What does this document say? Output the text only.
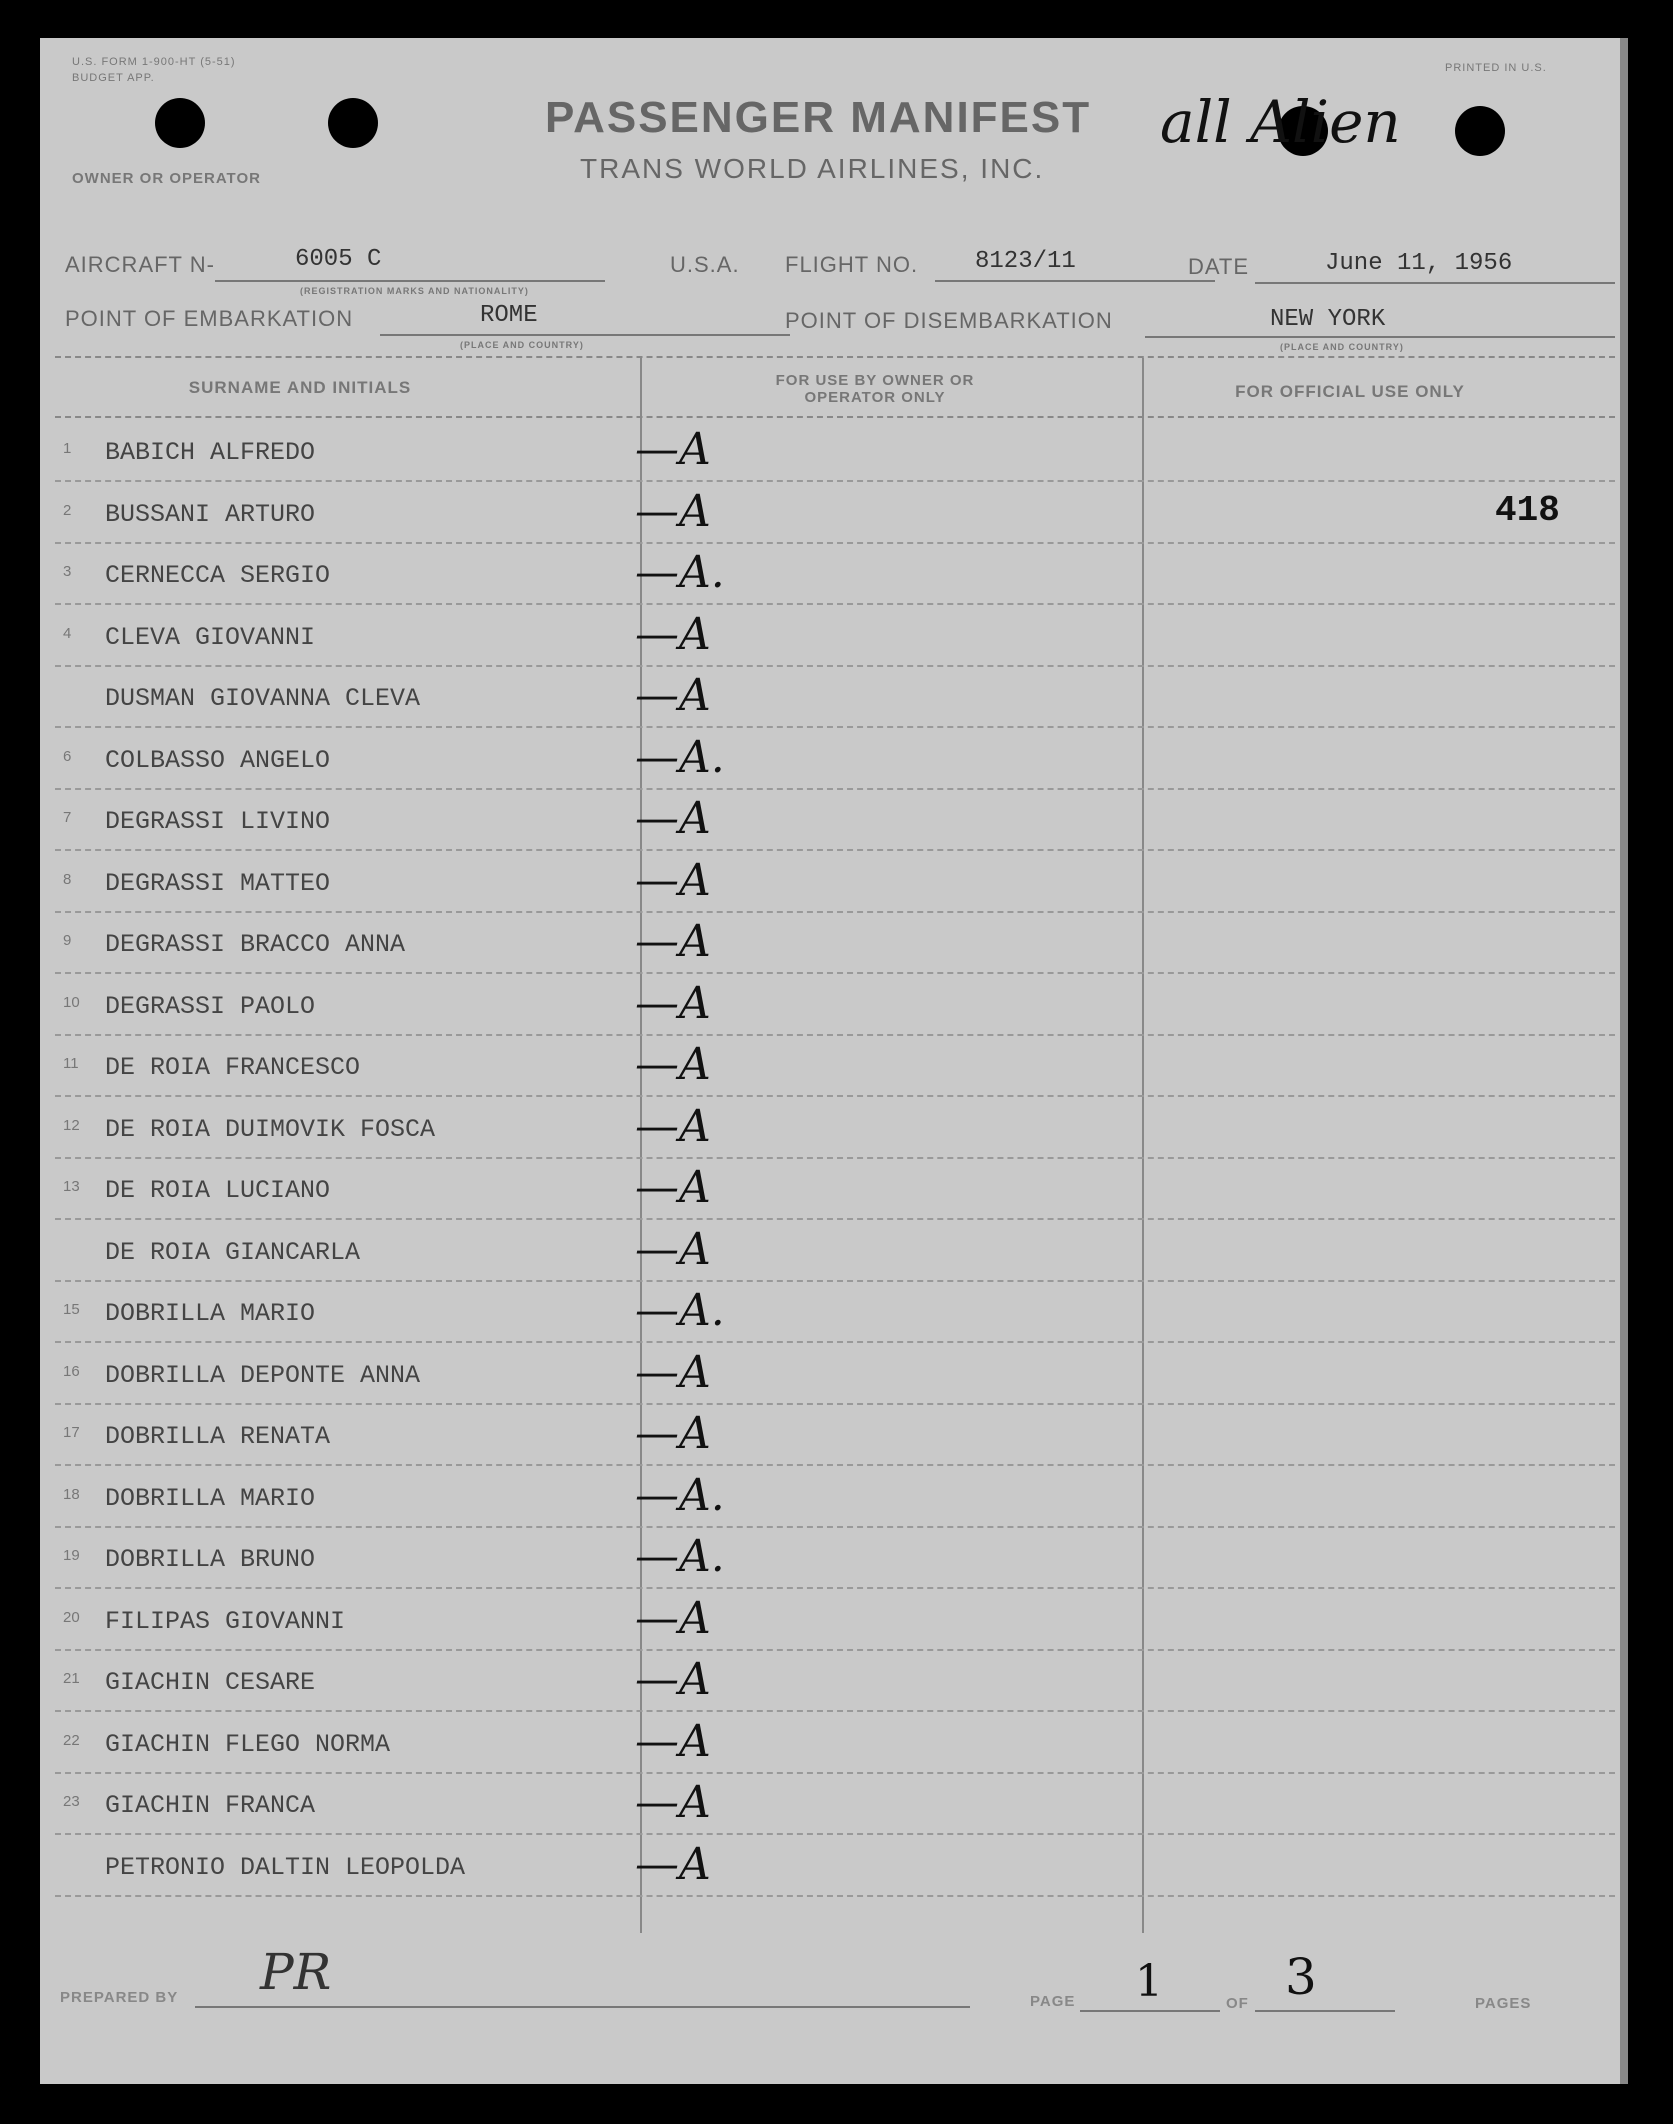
U.S. FORM 1-900-HT (5-51)
BUDGET APP.
PRINTED IN U.S.
PASSENGER MANIFEST
TRANS WORLD AIRLINES, INC.
OWNER OR OPERATOR
all Alien
AIRCRAFT N-	6005 C
(REGISTRATION MARKS AND NATIONALITY)
U.S.A. FLIGHT NO. 8123/11	DATE	June 11, 1956
POINT OF EMBARKATION	ROME
(PLACE AND COUNTRY)
POINT OF DISEMBARKATION	NEW YORK
(PLACE AND COUNTRY)
SURNAME AND INITIALS	FOR USE BY OWNER OR OPERATOR ONLY	FOR OFFICIAL USE ONLY
1 BABICH ALFREDO	—A
2 BUSSANI ARTURO	—A	418
3 CERNECCA SERGIO	—A.
4 CLEVA GIOVANNI	—A
DUSMAN GIOVANNA CLEVA	—A
6 COLBASSO ANGELO	—A.
7 DEGRASSI LIVINO	—A
8 DEGRASSI MATTEO	—A
9 DEGRASSI BRACCO ANNA	—A
10 DEGRASSI PAOLO	—A
11 DE ROIA FRANCESCO	—A
12 DE ROIA DUIMOVIK FOSCA	—A
13 DE ROIA LUCIANO	—A
DE ROIA GIANCARLA	—A
15 DOBRILLA MARIO	—A.
16 DOBRILLA DEPONTE ANNA	—A
17 DOBRILLA RENATA	—A
18 DOBRILLA MARIO	—A.
19 DOBRILLA BRUNO	—A.
20 FILIPAS GIOVANNI	—A
21 GIACHIN CESARE	—A
22 GIACHIN FLEGO NORMA	—A
23 GIACHIN FRANCA	—A
PETRONIO DALTIN LEOPOLDA	—A
PREPARED BY PR
PAGE 1	OF 3	PAGES
